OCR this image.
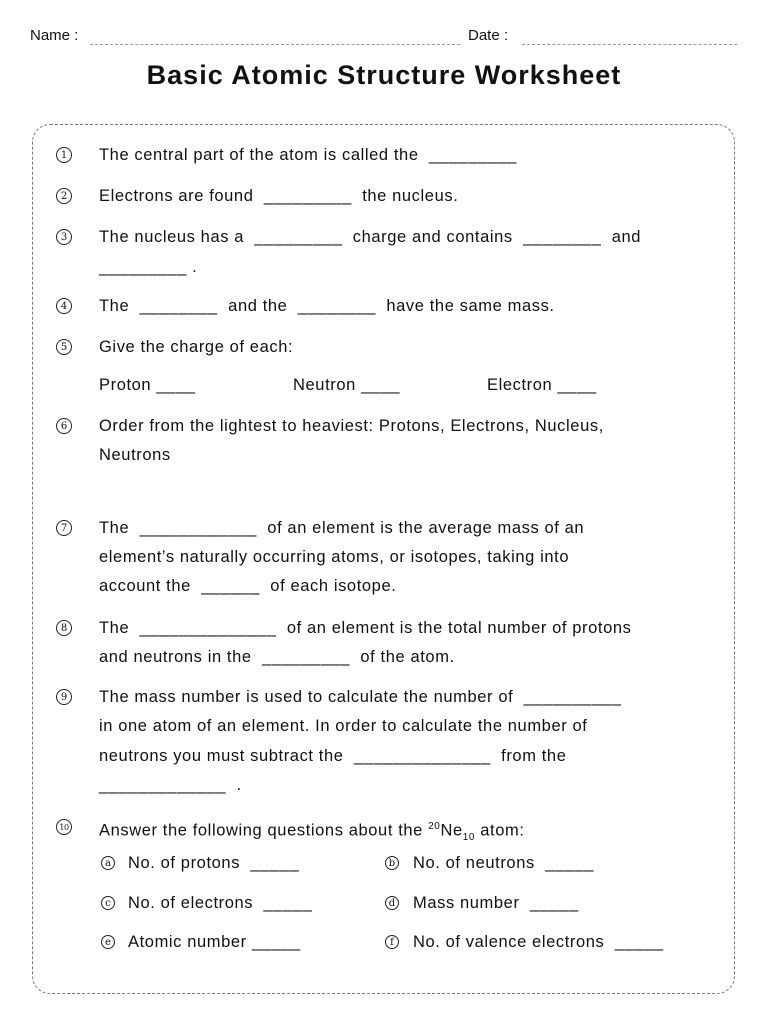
Name :	Date :
Basic Atomic Structure Worksheet
1 The central part of the atom is called the  _________
2 Electrons are found  _________  the nucleus.
3 The nucleus has a  _________  charge and contains  ________  and
_________ .
4 The  ________  and the  ________  have the same mass.
5 Give the charge of each:
Proton ____	Neutron ____	Electron ____
6 Order from the lightest to heaviest: Protons, Electrons, Nucleus,
Neutrons
7 The  ____________  of an element is the average mass of an
element’s naturally occurring atoms, or isotopes, taking into
account the  ______  of each isotope.
8 The  ______________  of an element is the total number of protons
and neutrons in the  _________  of the atom.
9 The mass number is used to calculate the number of  __________
in one atom of an element. In order to calculate the number of
neutrons you must subtract the  ______________  from the
_____________  .
10 Answer the following questions about the $^{20}Ne_{10}$ atom:
a No. of protons  _____	b No. of neutrons  _____
c No. of electrons  _____	d Mass number  _____
e Atomic number _____	f	No. of valence electrons  _____
